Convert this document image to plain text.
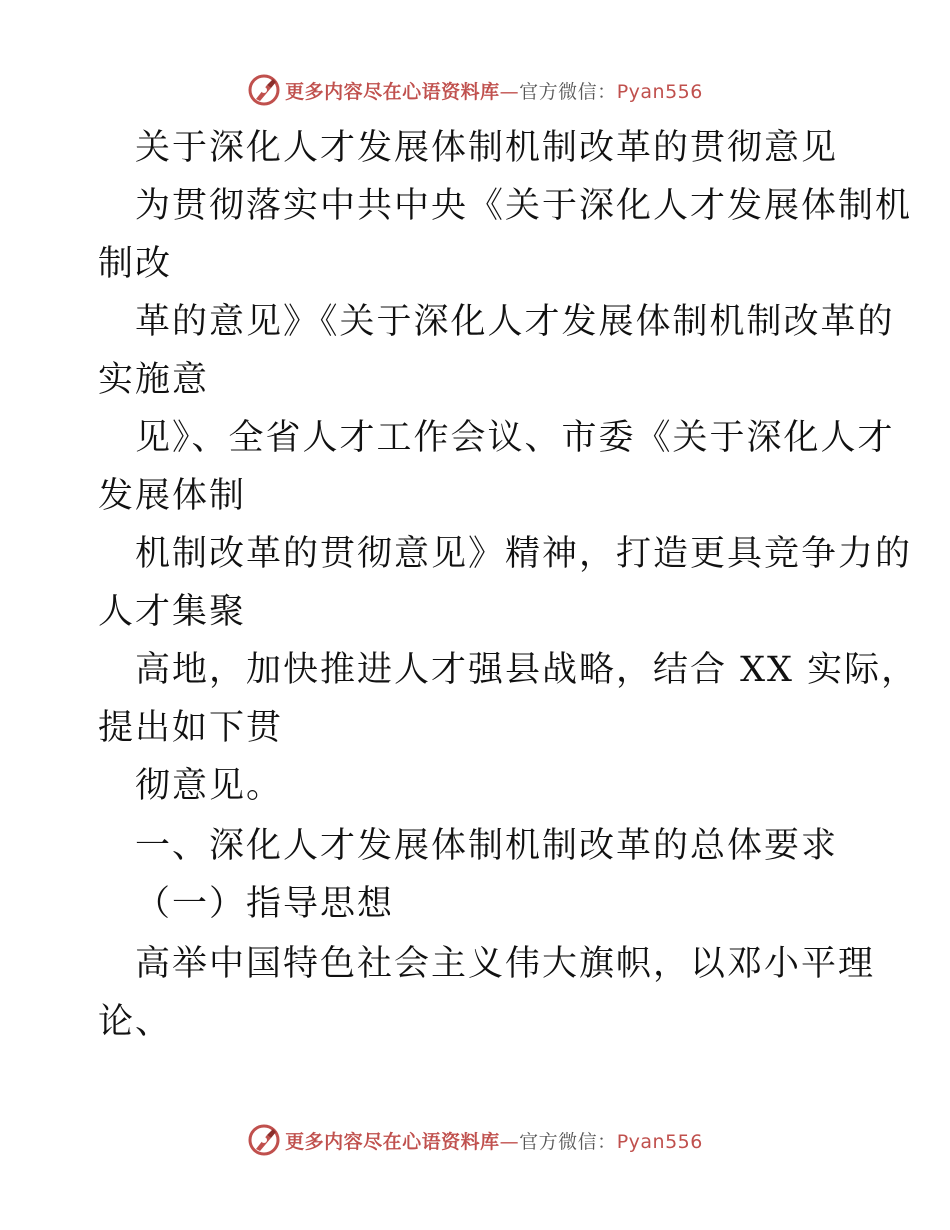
更多内容尽在心语资料库—官方微信：Pyan556
关于深化人才发展体制机制改革的贯彻意见
为贯彻落实中共中央《关于深化人才发展体制机
制改
革的意见》《关于深化人才发展体制机制改革的
实施意
见》、全省人才工作会议、市委《关于深化人才
发展体制
机制改革的贯彻意见》精神，打造更具竞争力的
人才集聚
高地，加快推进人才强县战略，结合 XX 实际，
提出如下贯
彻意见。
一、深化人才发展体制机制改革的总体要求
（一）指导思想
高举中国特色社会主义伟大旗帜，以邓小平理
论、
更多内容尽在心语资料库—官方微信：Pyan556
